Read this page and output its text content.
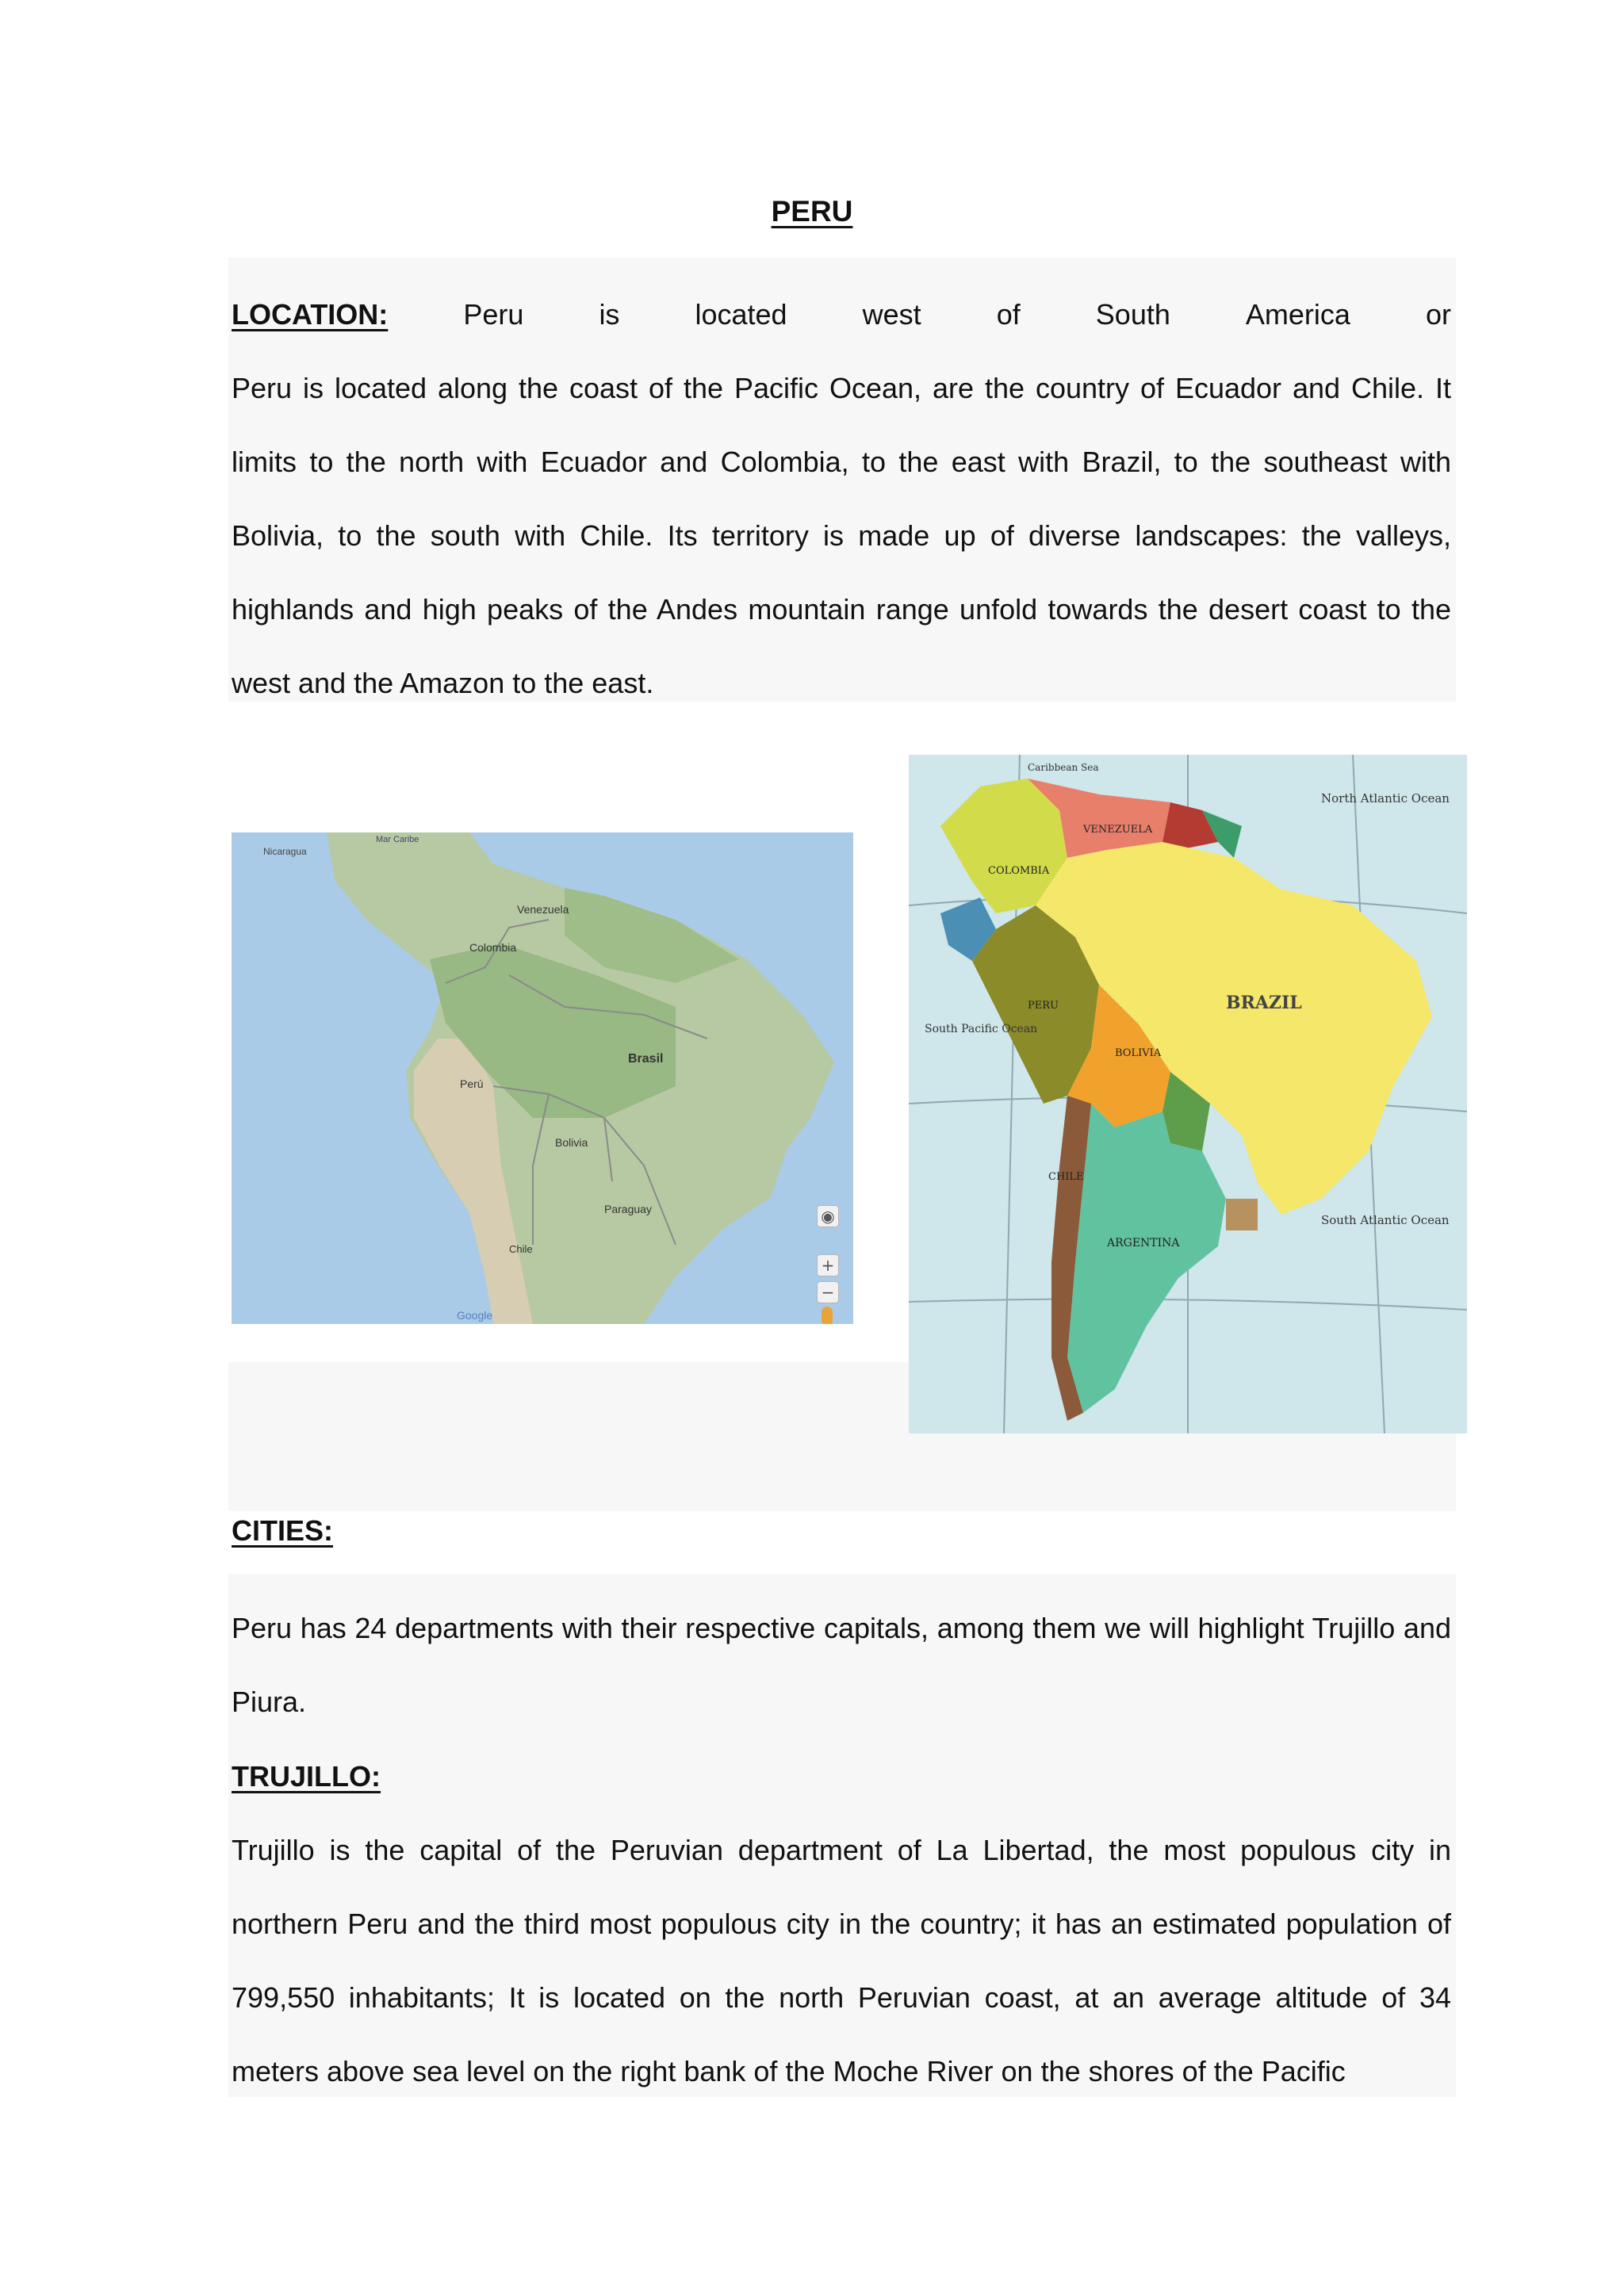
PERU
LOCATION:	Peru	is	located	west	of	South	America	or
Peru is located along the coast of the Pacific Ocean, are the country of Ecuador and Chile. It limits to the north with Ecuador and Colombia, to the east with Brazil, to the southeast with Bolivia, to the south with Chile. Its territory is made up of diverse landscapes: the valleys, highlands and high peaks of the Andes mountain range unfold towards the desert coast to the west and the Amazon to the east.
Nicaragua
Mar Caribe
Venezuela
Colombia
Brasil
Perú
Bolivia
Paraguay
Chile
Google
◉
+
−
Caribbean Sea
North Atlantic Ocean
VENEZUELA
COLOMBIA
BRAZIL
PERU
BOLIVIA
South Pacific Ocean
CHILE
ARGENTINA
South Atlantic Ocean
CITIES:
Peru has 24 departments with their respective capitals, among them we will highlight Trujillo and Piura.
TRUJILLO:
Trujillo is the capital of the Peruvian department of La Libertad, the most populous city in northern Peru and the third most populous city in the country; it has an estimated population of 799,550 inhabitants; It is located on the north Peruvian coast, at an average altitude of 34 meters above sea level on the right bank of the Moche River on the shores of the Pacific
